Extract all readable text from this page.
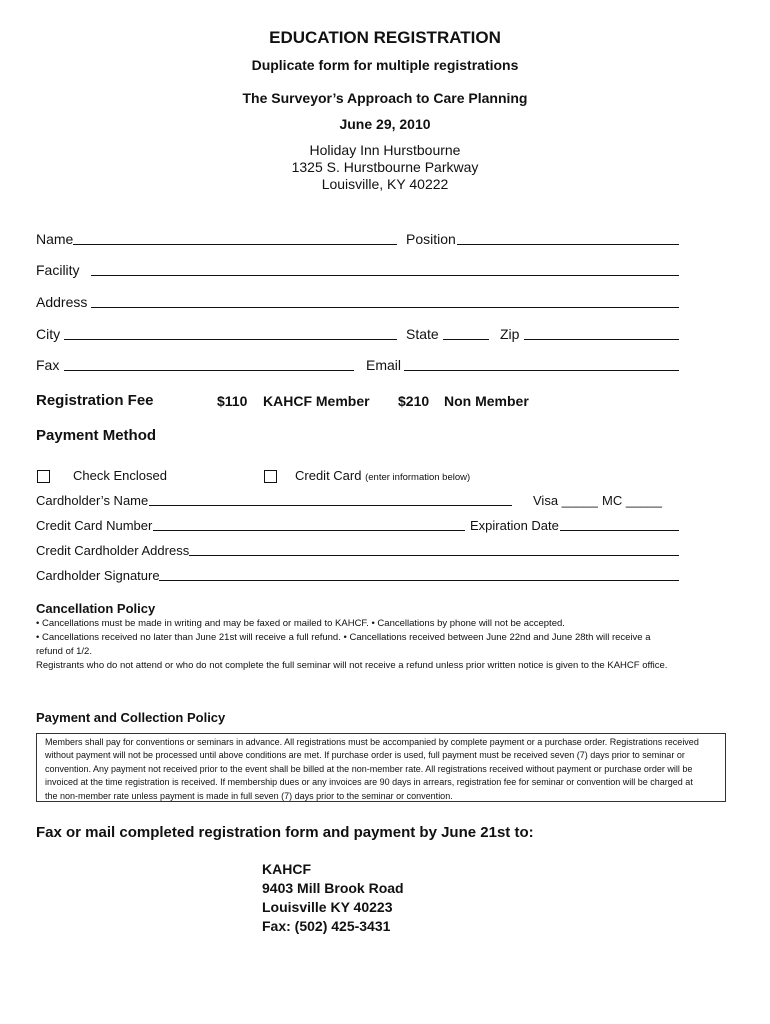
EDUCATION REGISTRATION
Duplicate form for multiple registrations
The Surveyor’s Approach to Care Planning
June 29, 2010
Holiday Inn Hurstbourne
1325 S. Hurstbourne Parkway
Louisville, KY 40222
Name	Position
Facility
Address
City	State	Zip
Fax	Email
Registration Fee	$110 KAHCF Member $210 Non Member
Payment Method
Check Enclosed	Credit Card (enter information below)
Cardholder’s Name	Visa _____ MC _____
Credit Card Number	Expiration Date
Credit Cardholder Address
Cardholder Signature
Cancellation Policy
• Cancellations must be made in writing and may be faxed or mailed to KAHCF. • Cancellations by phone will not be accepted.
• Cancellations received no later than June 21st will receive a full refund. • Cancellations received between June 22nd and June 28th will receive a
refund of 1/2.
Registrants who do not attend or who do not complete the full seminar will not receive a refund unless prior written notice is given to the KAHCF office.
Payment and Collection Policy
Members shall pay for conventions or seminars in advance. All registrations must be accompanied by complete payment or a purchase order. Registrations received
without payment will not be processed until above conditions are met. If purchase order is used, full payment must be received seven (7) days prior to seminar or
convention. Any payment not received prior to the event shall be billed at the non-member rate. All registrations received without payment or purchase order will be
invoiced at the time registration is received. If membership dues or any invoices are 90 days in arrears, registration fee for seminar or convention will be charged at
the non-member rate unless payment is made in full seven (7) days prior to the seminar or convention.
Fax or mail completed registration form and payment by June 21st to:
KAHCF
9403 Mill Brook Road
Louisville KY 40223
Fax: (502) 425-3431
